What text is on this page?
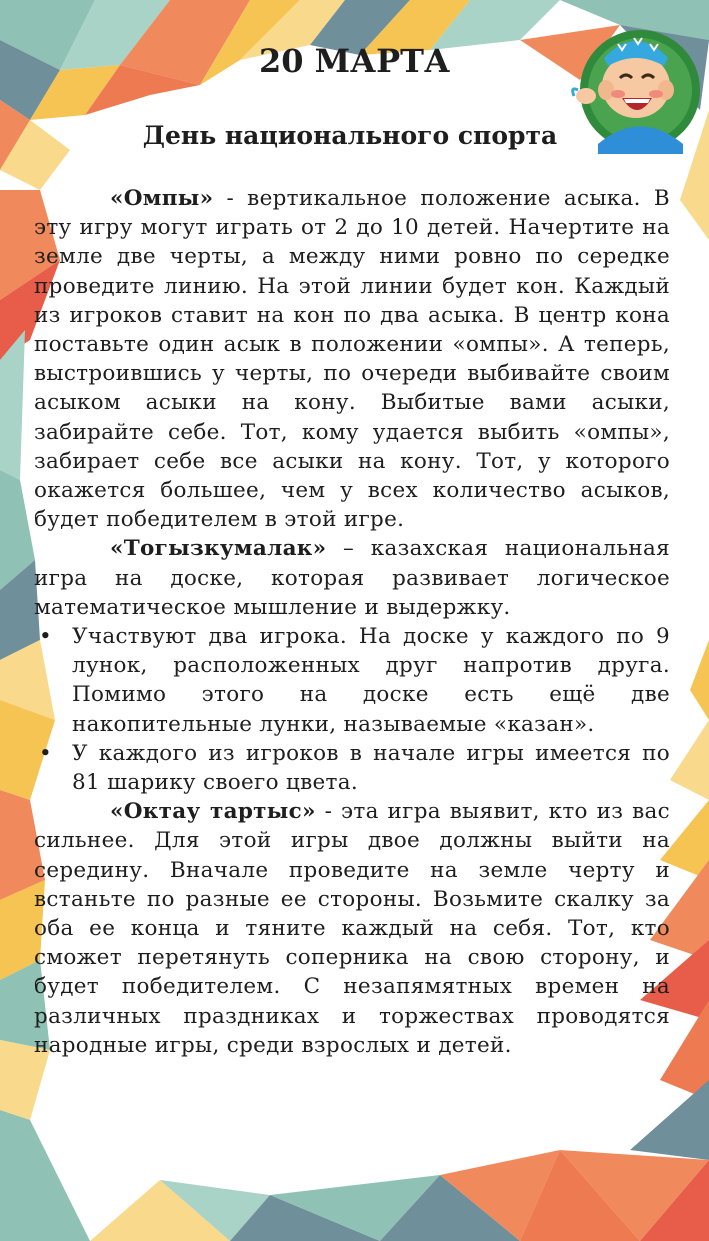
20 МАРТА
День национального спорта

«Омпы» - вертикальное положение асыка. В эту игру могут играть от 2 до 10 детей. Начертите на земле две черты, а между ними ровно по середке проведите линию. На этой линии будет кон. Каждый из игроков ставит на кон по два асыка. В центр кона поставьте один асык в положении «омпы». А теперь, выстроившись у черты, по очереди выбивайте своим асыком асыки на кону. Выбитые вами асыки, забирайте себе. Тот, кому удается выбить «омпы», забирает себе все асыки на кону. Тот, у которого окажется большее, чем у всех количество асыков, будет победителем в этой игре.

«Тогызкумалак» – казахская национальная игра на доске, которая развивает логическое математическое мышление и выдержку.

• Участвуют два игрока. На доске у каждого по 9 лунок, расположенных друг напротив друга. Помимо этого на доске есть ещё две накопительные лунки, называемые «казан».
• У каждого из игроков в начале игры имеется по 81 шарику своего цвета.

«Октау тартыс» - эта игра выявит, кто из вас сильнее. Для этой игры двое должны выйти на середину. Вначале проведите на земле черту и встаньте по разные ее стороны. Возьмите скалку за оба ее конца и тяните каждый на себя. Тот, кто сможет перетянуть соперника на свою сторону, и будет победителем. С незапямятных времен на различных праздниках и торжествах проводятся народные игры, среди взрослых и детей.
